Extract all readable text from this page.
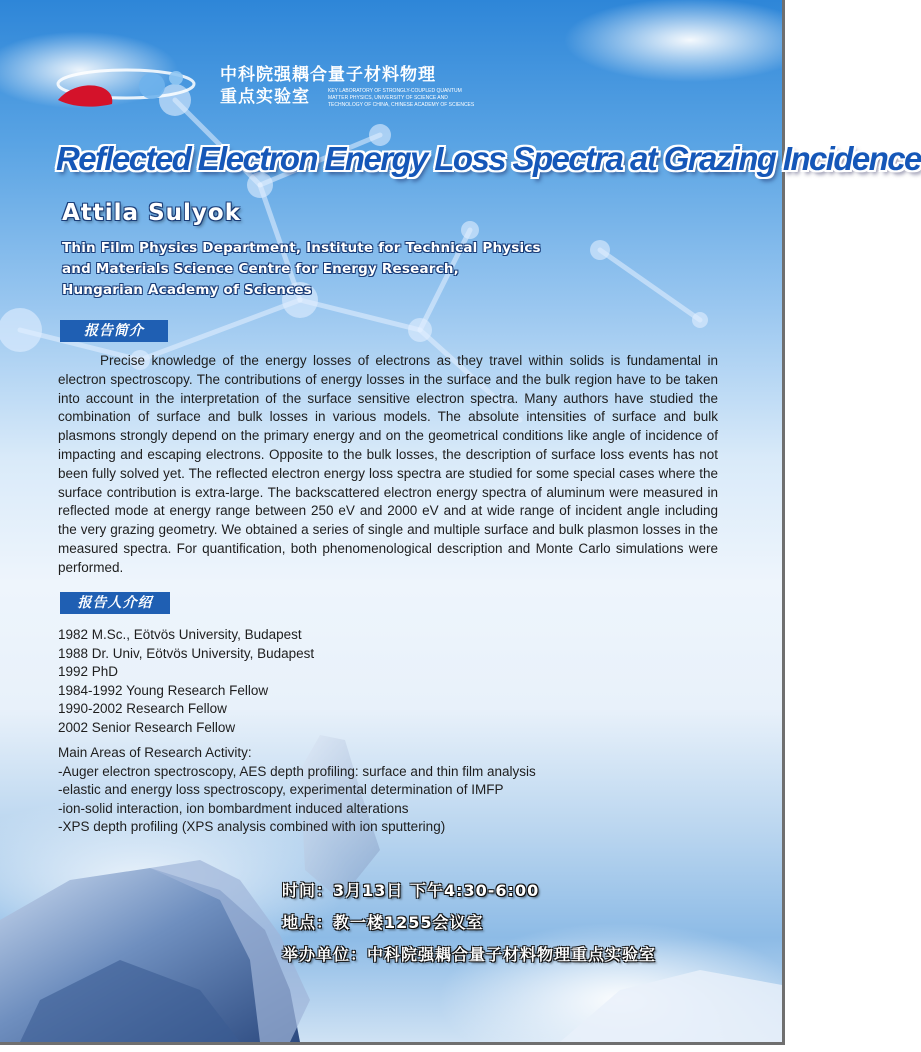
中科院强耦合量子材料物理
重点实验室	KEY LABORATORY OF STRONGLY-COUPLED QUANTUM MATTER PHYSICS, UNIVERSITY OF SCIENCE AND TECHNOLOGY OF CHINA, CHINESE ACADEMY OF SCIENCES
Reflected Electron Energy Loss Spectra at Grazing Incidence
Attila Sulyok
Thin Film Physics Department, Institute for Technical Physics
and Materials Science Centre for Energy Research,
Hungarian Academy of Sciences
报告简介

Precise knowledge of the energy losses of electrons as they travel within solids is fundamental in electron spectroscopy. The contributions of energy losses in the surface and the bulk region have to be taken into account in the interpretation of the surface sensitive electron spectra. Many authors have studied the combination of surface and bulk losses in various models. The absolute intensities of surface and bulk plasmons strongly depend on the primary energy and on the geometrical conditions like angle of incidence of impacting and escaping electrons. Opposite to the bulk losses, the description of surface loss events has not been fully solved yet. The reflected electron energy loss spectra are studied for some special cases where the surface contribution is extra-large. The backscattered electron energy spectra of aluminum were measured in reflected mode at energy range between 250 eV and 2000 eV and at wide range of incident angle including the very grazing geometry. We obtained a series of single and multiple surface and bulk plasmon losses in the measured spectra. For quantification, both phenomenological description and Monte Carlo simulations were performed.

报告人介绍
1982 M.Sc., Eötvös University, Budapest
1988 Dr. Univ, Eötvös University, Budapest
1992 PhD
1984-1992 Young Research Fellow
1990-2002 Research Fellow
2002 Senior Research Fellow
Main Areas of Research Activity:
-Auger electron spectroscopy, AES depth profiling: surface and thin film analysis
-elastic and energy loss spectroscopy, experimental determination of IMFP
-ion-solid interaction, ion bombardment induced alterations
-XPS depth profiling (XPS analysis combined with ion sputtering)
时间：3月13日 下午4:30-6:00
地点：教一楼1255会议室
举办单位：中科院强耦合量子材料物理重点实验室
